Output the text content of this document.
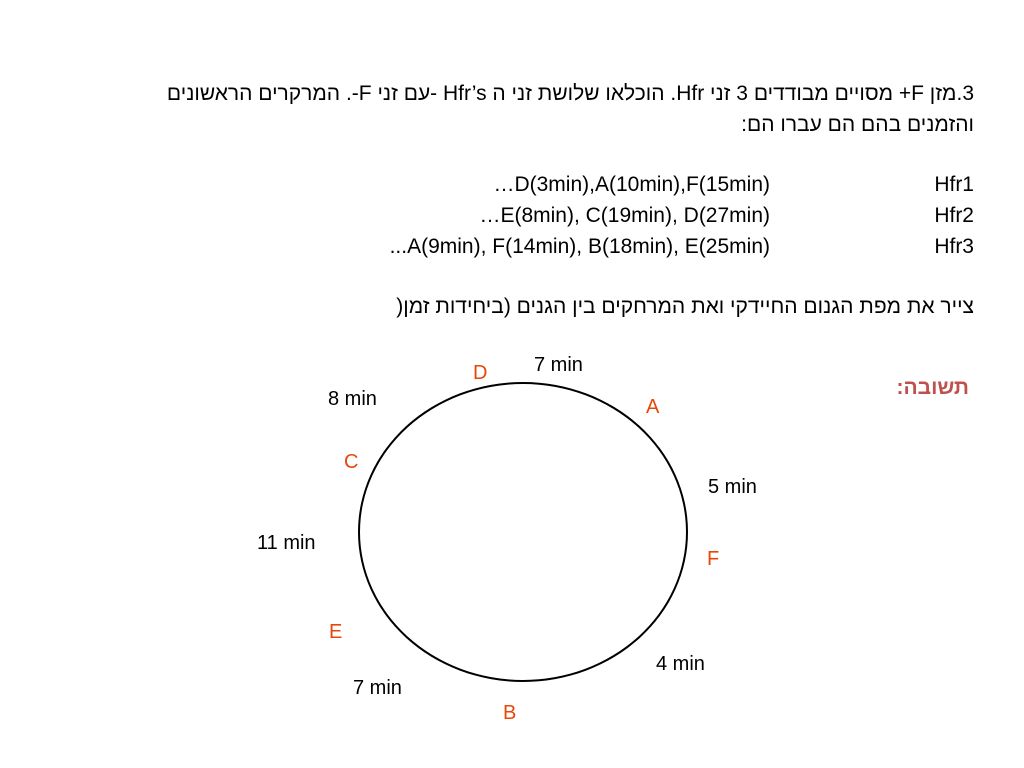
3.מזן F+ מסויים מבודדים 3 זני Hfr. הוכלאו שלושת זני ה Hfr’s -עם זני F-. המרקרים הראשונים
והזמנים בהם הם עברו הם:
Hfr1
…D(3min),A(10min),F(15min)
Hfr2
…E(8min), C(19min), D(27min)
Hfr3
...A(9min), F(14min), B(18min), E(25min)
צייר את מפת הגנום החיידקי ואת המרחקים בין הגנים (ביחידות זמן(
תשובה:
D
A
F
B
E
C
7 min
5 min
4 min
7 min
11 min
8 min
